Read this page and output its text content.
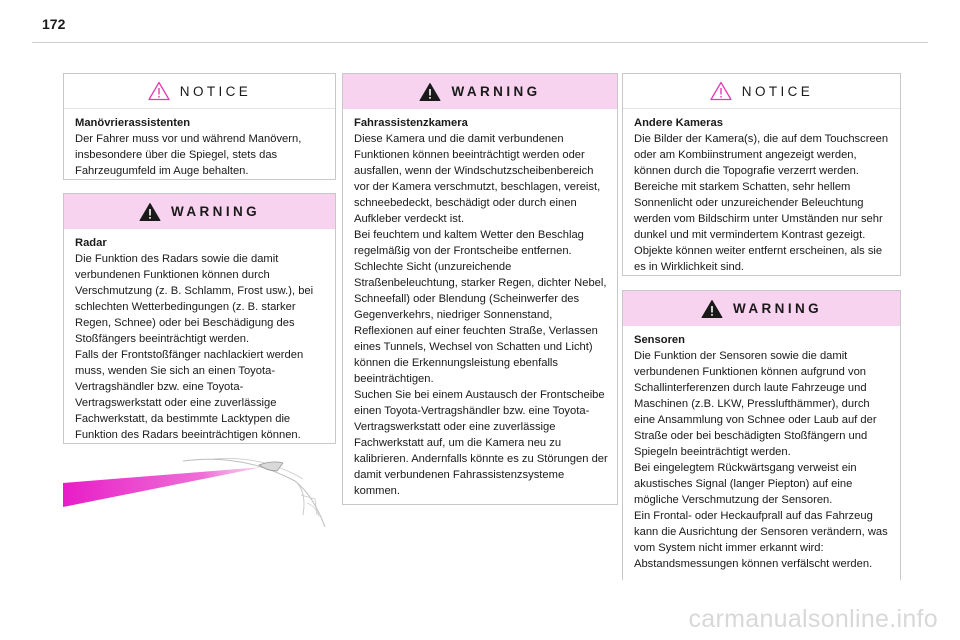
172
NOTICE
Manövrierassistenten
Der Fahrer muss vor und während Manövern, insbesondere über die Spiegel, stets das Fahrzeugumfeld im Auge behalten.
WARNING
Radar
Die Funktion des Radars sowie die damit verbundenen Funktionen können durch Verschmutzung (z. B. Schlamm, Frost usw.), bei schlechten Wetterbedingungen (z. B. starker Regen, Schnee) oder bei Beschädigung des Stoßfängers beeinträchtigt werden.
Falls der Frontstoßfänger nachlackiert werden muss, wenden Sie sich an einen Toyota-Vertragshändler bzw. eine Toyota-Vertragswerkstatt oder eine zuverlässige Fachwerkstatt, da bestimmte Lacktypen die Funktion des Radars beeinträchtigen können.
WARNING
Fahrassistenzkamera
Diese Kamera und die damit verbundenen Funktionen können beeinträchtigt werden oder ausfallen, wenn der Windschutzscheibenbereich vor der Kamera verschmutzt, beschlagen, vereist, schneebedeckt, beschädigt oder durch einen Aufkleber verdeckt ist.
Bei feuchtem und kaltem Wetter den Beschlag regelmäßig von der Frontscheibe entfernen.
Schlechte Sicht (unzureichende Straßenbeleuchtung, starker Regen, dichter Nebel, Schneefall) oder Blendung (Scheinwerfer des Gegenverkehrs, niedriger Sonnenstand, Reflexionen auf einer feuchten Straße, Verlassen eines Tunnels, Wechsel von Schatten und Licht) können die Erkennungsleistung ebenfalls beeinträchtigen.
Suchen Sie bei einem Austausch der Frontscheibe einen Toyota-Vertragshändler bzw. eine Toyota-Vertragswerkstatt oder eine zuverlässige Fachwerkstatt auf, um die Kamera neu zu kalibrieren. Andernfalls könnte es zu Störungen der damit verbundenen Fahrassistenzsysteme kommen.
NOTICE
Andere Kameras
Die Bilder der Kamera(s), die auf dem Touchscreen oder am Kombiinstrument angezeigt werden, können durch die Topografie verzerrt werden. Bereiche mit starkem Schatten, sehr hellem Sonnenlicht oder unzureichender Beleuchtung werden vom Bildschirm unter Umständen nur sehr dunkel und mit vermindertem Kontrast gezeigt. Objekte können weiter entfernt erscheinen, als sie es in Wirklichkeit sind.
WARNING
Sensoren
Die Funktion der Sensoren sowie die damit verbundenen Funktionen können aufgrund von Schallinterferenzen durch laute Fahrzeuge und Maschinen (z.B. LKW, Presslufthämmer), durch eine Ansammlung von Schnee oder Laub auf der Straße oder bei beschädigten Stoßfängern und Spiegeln beeinträchtigt werden.
Bei eingelegtem Rückwärtsgang verweist ein akustisches Signal (langer Piepton) auf eine mögliche Verschmutzung der Sensoren.
Ein Frontal- oder Heckaufprall auf das Fahrzeug kann die Ausrichtung der Sensoren verändern, was vom System nicht immer erkannt wird: Abstandsmessungen können verfälscht werden.
carmanualsonline.info
